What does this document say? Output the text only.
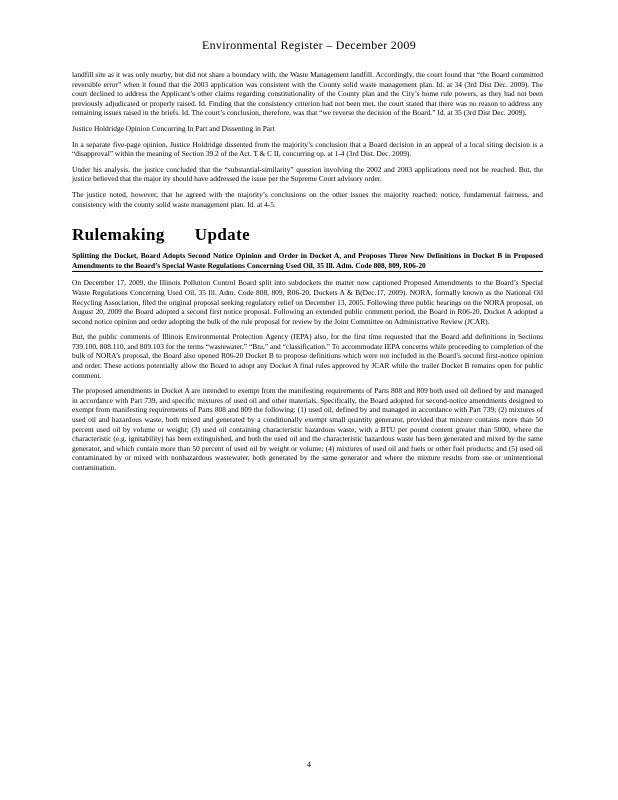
Environmental Register – December 2009

landfill site as it was only nearby, but did not share a boundary with, the Waste Management landfill. Accordingly, the court found that “the Board committed reversible error” when it found that the 2003 application was consistent with the County solid waste management plan. Id. at 34 (3rd Dist Dec. 2009). The court declined to address the Applicant’s other claims regarding constitutionality of the County plan and the City’s home rule powers, as they had not been previously adjudicated or properly raised. Id. Finding that the consistency criterion had not been met, the court stated that there was no reason to address any remaining issues raised in the briefs. Id. The court’s conclusion, therefore, was that “we reverse the decision of the Board.” Id. at 35 (3rd Dist Dec. 2009).

Justice Holdridge Opinion Concurring In Part and Dissenting in Part

In a separate five-page opinion, Justice Holdridge dissented from the majority’s conclusion that a Board decision in an appeal of a local siting decision is a “disapproval” within the meaning of Section 39.2 of the Act. T & C II, concurring op. at 1-4 (3rd Dist. Dec. 2009).

Under his analysis, the justice concluded that the “substantial-similarity” question involving the 2002 and 2003 applications need not be reached. But, the justice believed that the major ity should have addressed the issue per the Supreme Court advisory order.

The justice noted, however, that he agreed with the majority’s conclusions on the other issues the majority reached: notice, fundamental fairness, and consistency with the county solid waste management plan. Id. at 4-5.

Rulemaking Update

Splitting the Docket, Board Adopts Second Notice Opinion and Order in Docket A, and Proposes Three New Definitions in Docket B in Proposed Amendments to the Board’s Special Waste Regulations Concerning Used Oil, 35 Ill. Adm. Code 808, 809, R06-20

On December 17, 2009, the Illinois Pollution Control Board split into subdockets the matter now captioned Proposed Amendments to the Board’s Special Waste Regulations Concerning Used Oil, 35 Ill. Adm. Code 808, 809, R06-20, Dockets A & B(Dec.17, 2009). NORA, formally known as the National Oil Recycling Association, filed the original proposal seeking regulatory relief on December 13, 2005. Following three public hearings on the NORA proposal, on August 20, 2009 the Board adopted a second first notice proposal. Following an extended public comment period, the Board in R06-20, Docket A adopted a second notice opinion and order adopting the bulk of the rule proposal for review by the Joint Committee on Administrative Review (JCAR).

But, the public comments of Illinois Environmental Protection Agency (IEPA) also, for the first time requested that the Board add definitions in Sections 739.100, 808.110, and 809.103 for the terms “wastewater,” “Btu,” and “classification.” To accommodate IEPA concerns while proceeding to completion of the bulk of NORA’s proposal, the Board also opened R06-20 Docket B to propose definitions which were not included in the Board’s second first-notice opinion and order. These actions potentially allow the Board to adopt any Docket A final rules approved by JCAR while the trailer Docket B remains open for public comment.

The proposed amendments in Docket A are intended to exempt from the manifesting requirements of Parts 808 and 809 both used oil defined by and managed in accordance with Part 739, and specific mixtures of used oil and other materials. Specifically, the Board adopted for second-notice amendments designed to exempt from manifesting requirements of Parts 808 and 809 the following: (1) used oil, defined by and managed in accordance with Part 739; (2) mixtures of used oil and hazardous waste, both mixed and generated by a conditionally exempt small quantity generator, provided that mixture contains more than 50 percent used oil by volume or weight; (3) used oil containing characteristic hazardous waste, with a BTU per pound content greater than 5000, where the characteristic (e.g. ignitability) has been extinguished, and both the used oil and the characteristic hazardous waste has been generated and mixed by the same generator, and which contain more than 50 percent of used oil by weight or volume; (4) mixtures of used oil and fuels or other fuel products; and (5) used oil contaminated by or mixed with nonhazardous wastewater, both generated by the same generator and where the mixture results from use or unintentional contamination.

4
